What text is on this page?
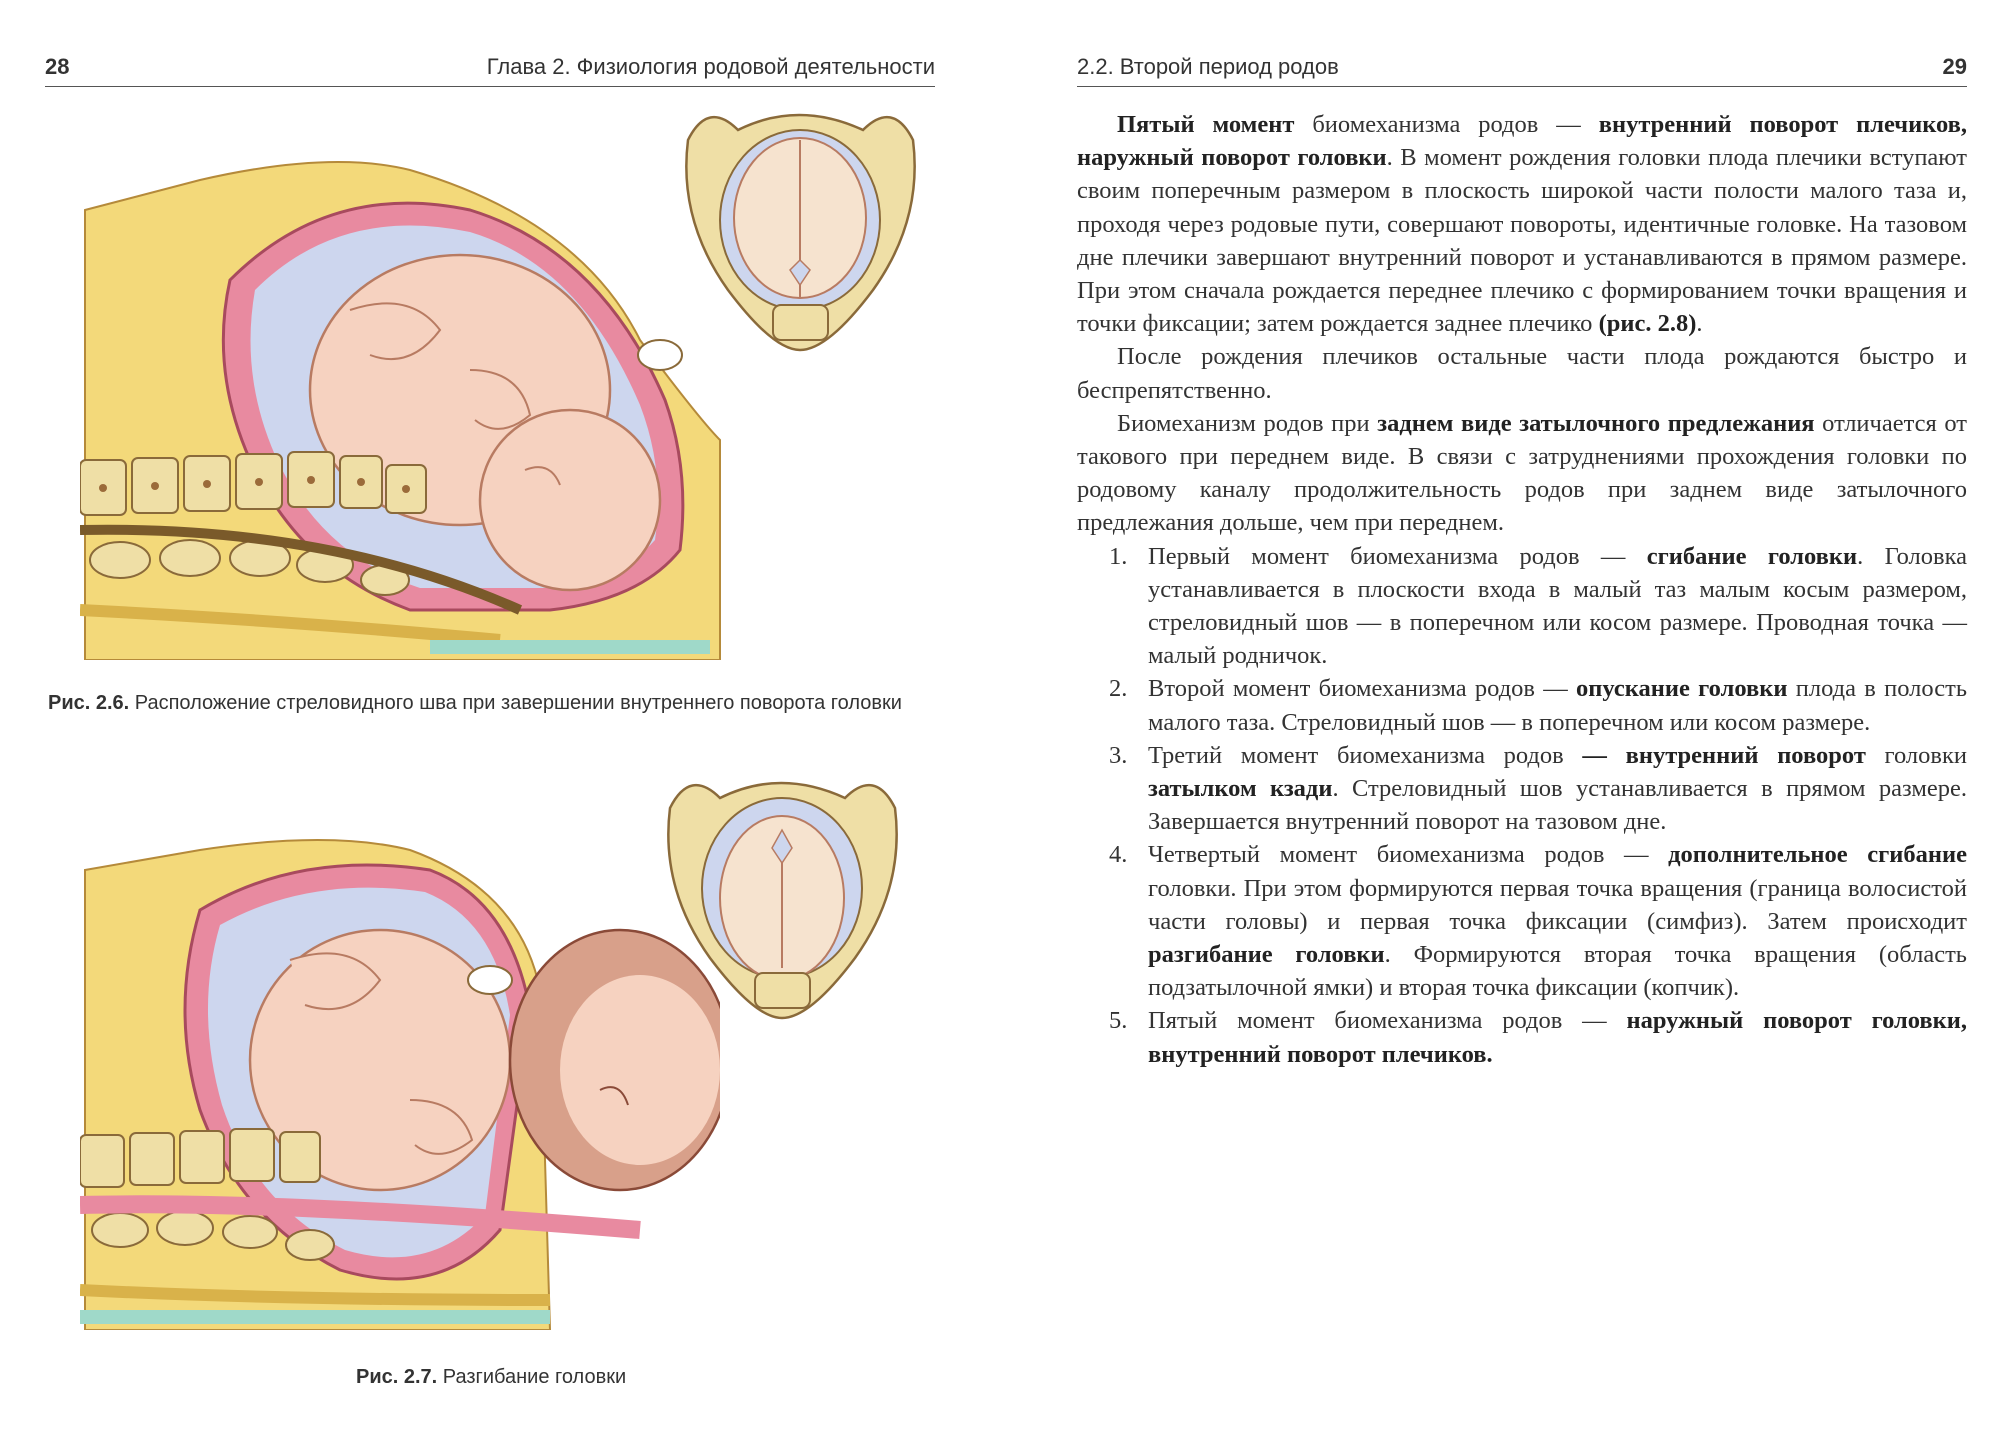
28	Глава 2. Физиология родовой деятельности
Рис. 2.6. Расположение стреловидного шва при завершении внутреннего поворота головки
Рис. 2.7. Разгибание головки
2.2. Второй период родов	29

Пятый момент биомеханизма родов — внутренний поворот плечиков, наружный поворот головки. В момент рождения головки плода плечики вступают своим поперечным размером в плоскость широкой части полости малого таза и, проходя через родовые пути, совершают повороты, идентичные головке. На тазовом дне плечики завершают внутренний поворот и устанавливаются в прямом размере. При этом сначала рождается переднее плечико с формированием точки вращения и точки фиксации; затем рождается заднее плечико (рис. 2.8).

После рождения плечиков остальные части плода рождаются быстро и беспрепятственно.

Биомеханизм родов при заднем виде затылочного предлежания отличается от такового при переднем виде. В связи с затруднениями прохождения головки по родовому каналу продолжительность родов при заднем виде затылочного предлежания дольше, чем при переднем.

1. Первый момент биомеханизма родов — сгибание головки. Головка устанавливается в плоскости входа в малый таз малым косым размером, стреловидный шов — в поперечном или косом размере. Проводная точка — малый родничок.
2. Второй момент биомеханизма родов — опускание головки плода в полость малого таза. Стреловидный шов — в поперечном или косом размере.
3. Третий момент биомеханизма родов — внутренний поворот головки затылком кзади. Стреловидный шов устанавливается в прямом размере. Завершается внутренний поворот на тазовом дне.
4. Четвертый момент биомеханизма родов — дополнительное сгибание головки. При этом формируются первая точка вращения (граница волосистой части головы) и первая точка фиксации (симфиз). Затем происходит разгибание головки. Формируются вторая точка вращения (область подзатылочной ямки) и вторая точка фиксации (копчик).
5. Пятый момент биомеханизма родов — наружный поворот головки, внутренний поворот плечиков.
